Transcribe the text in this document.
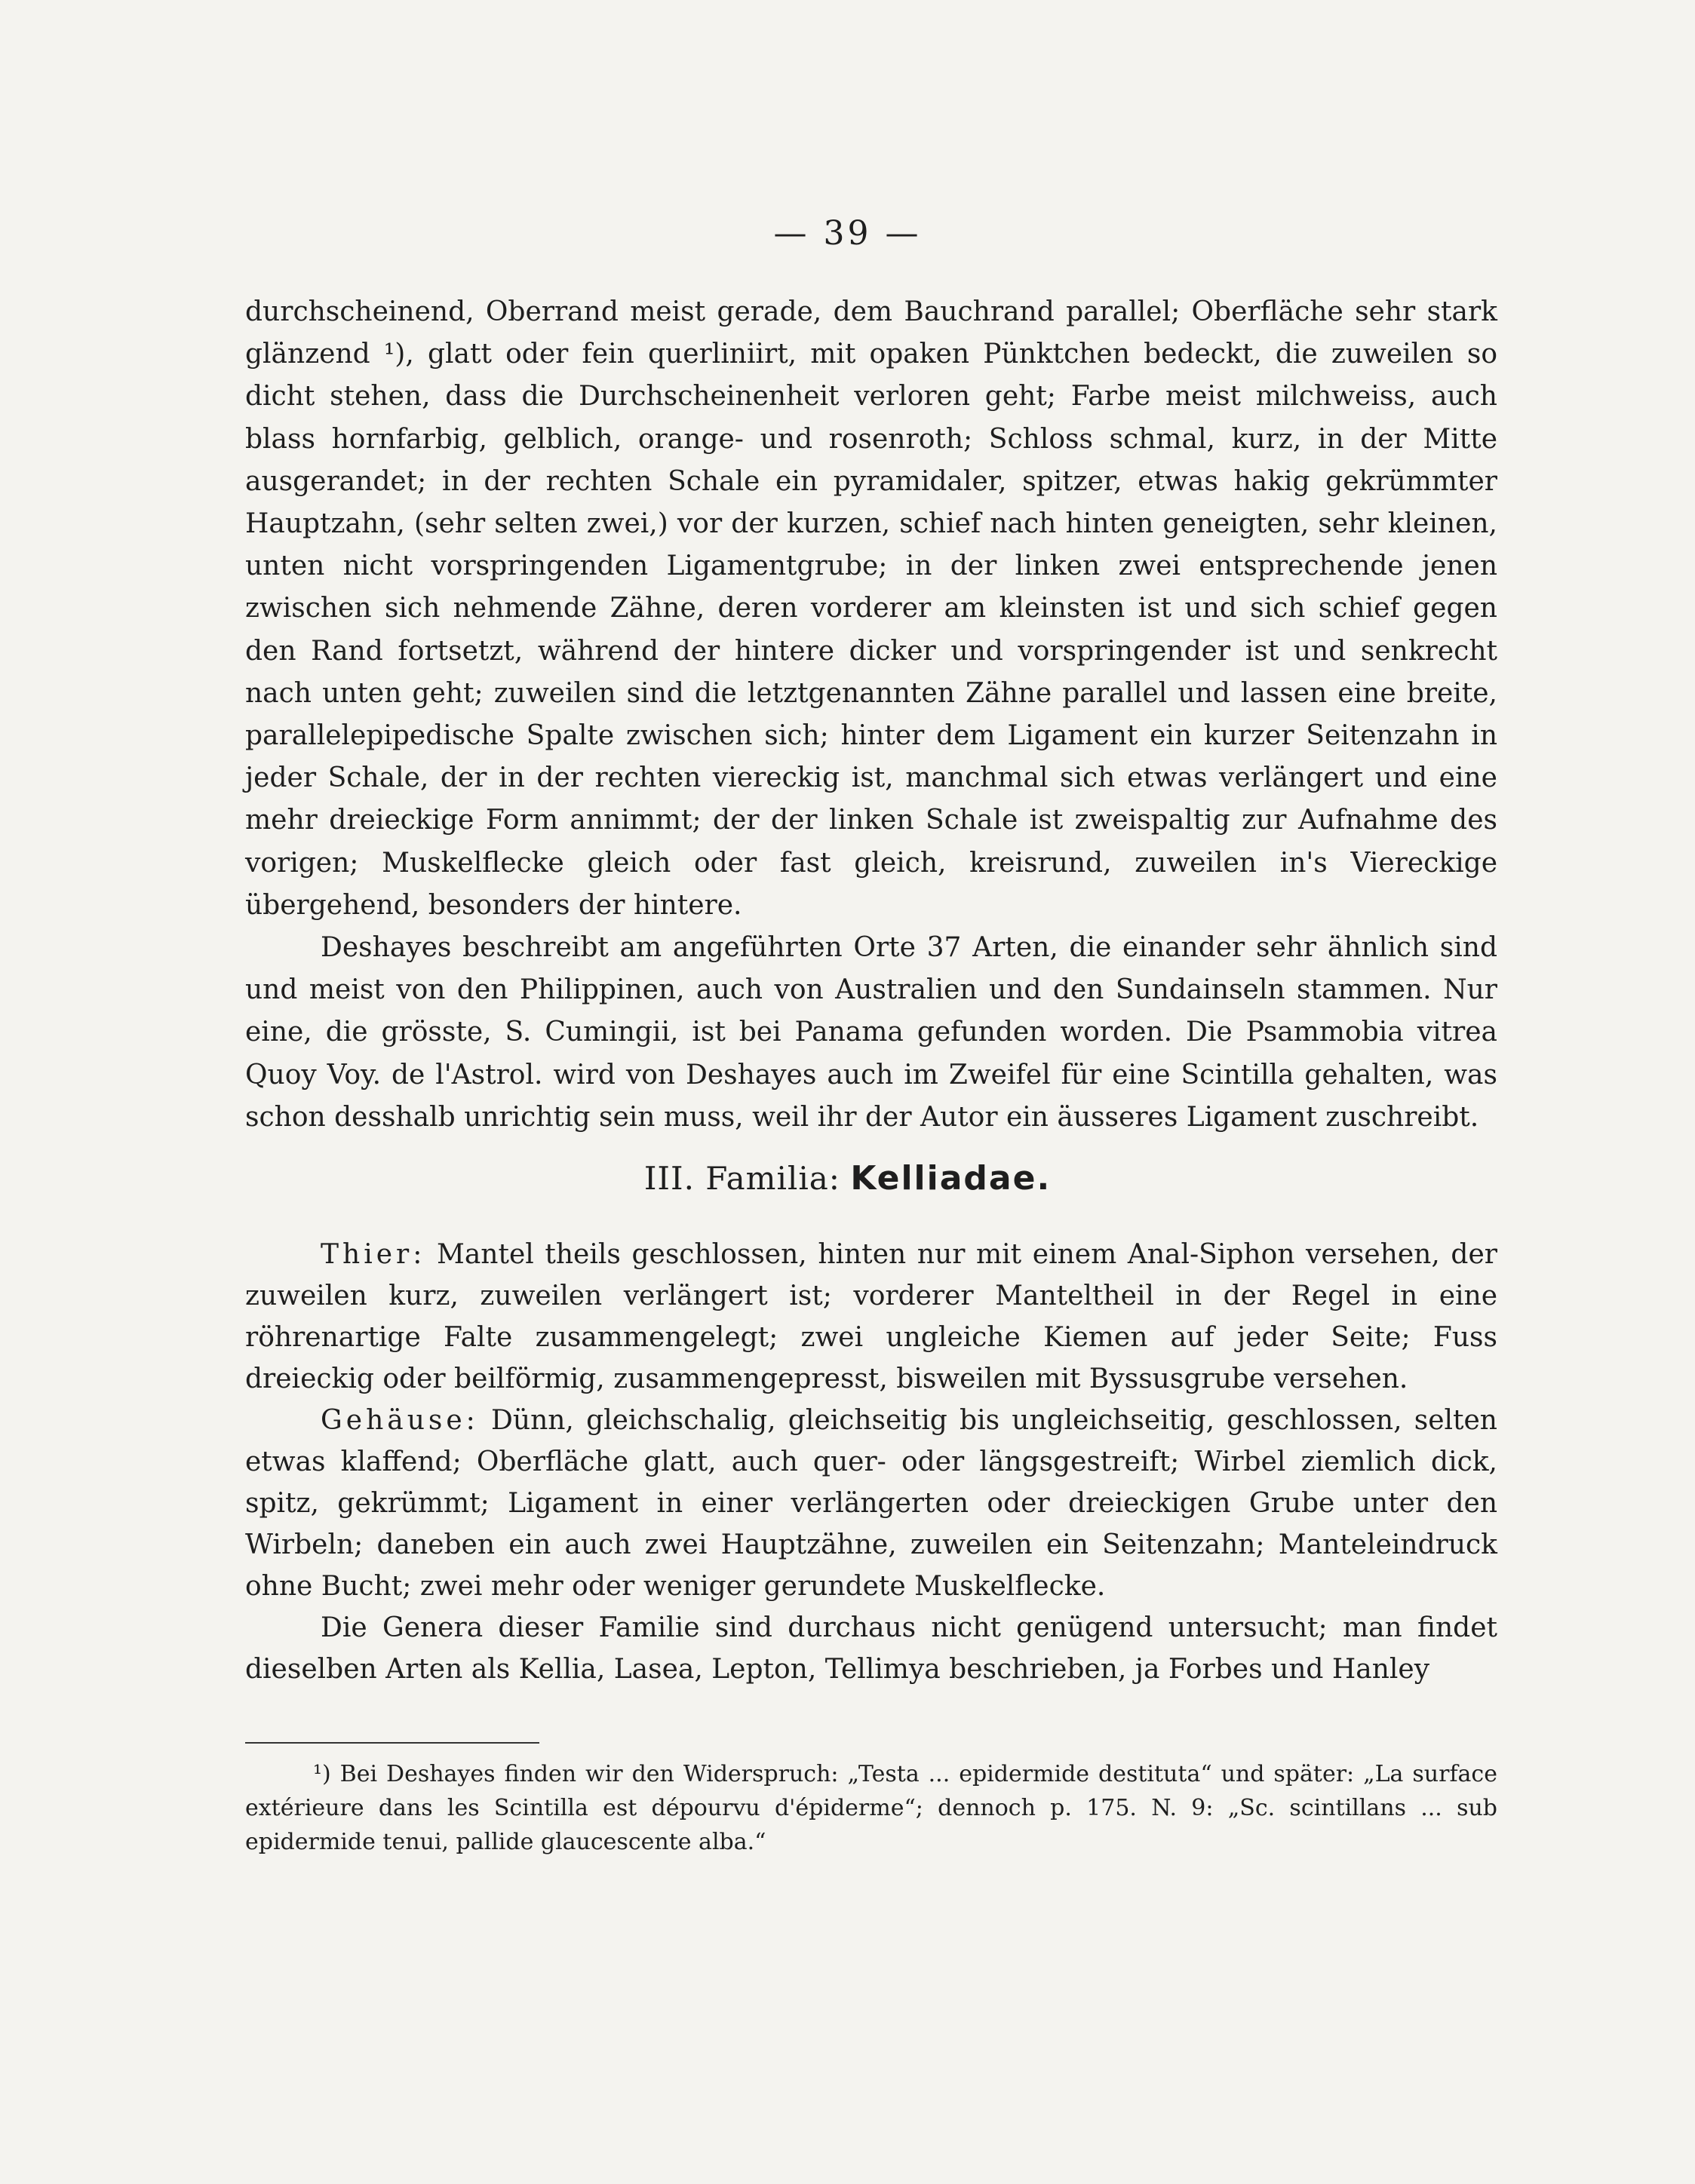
— 39 —

durchscheinend, Oberrand meist gerade, dem Bauchrand parallel; Oberfläche sehr stark glänzend ¹), glatt oder fein querliniirt, mit opaken Pünktchen bedeckt, die zuweilen so dicht stehen, dass die Durchscheinenheit verloren geht; Farbe meist milchweiss, auch blass hornfarbig, gelblich, orange- und rosenroth; Schloss schmal, kurz, in der Mitte ausgerandet; in der rechten Schale ein pyramidaler, spitzer, etwas hakig gekrümmter Hauptzahn, (sehr selten zwei,) vor der kurzen, schief nach hinten geneigten, sehr kleinen, unten nicht vorspringenden Ligamentgrube; in der linken zwei entsprechende jenen zwischen sich nehmende Zähne, deren vorderer am kleinsten ist und sich schief gegen den Rand fortsetzt, während der hintere dicker und vorspringender ist und senkrecht nach unten geht; zuweilen sind die letztgenannten Zähne parallel und lassen eine breite, parallelepipedische Spalte zwischen sich; hinter dem Ligament ein kurzer Seitenzahn in jeder Schale, der in der rechten viereckig ist, manchmal sich etwas verlängert und eine mehr dreieckige Form annimmt; der der linken Schale ist zweispaltig zur Aufnahme des vorigen; Muskelflecke gleich oder fast gleich, kreisrund, zuweilen in's Viereckige übergehend, besonders der hintere.

Deshayes beschreibt am angeführten Orte 37 Arten, die einander sehr ähnlich sind und meist von den Philippinen, auch von Australien und den Sundainseln stammen. Nur eine, die grösste, S. Cumingii, ist bei Panama gefunden worden. Die Psammobia vitrea Quoy Voy. de l'Astrol. wird von Deshayes auch im Zweifel für eine Scintilla gehalten, was schon desshalb unrichtig sein muss, weil ihr der Autor ein äusseres Ligament zuschreibt.

III. Familia: Kelliadae.

Thier: Mantel theils geschlossen, hinten nur mit einem Anal-Siphon versehen, der zuweilen kurz, zuweilen verlängert ist; vorderer Manteltheil in der Regel in eine röhrenartige Falte zusammengelegt; zwei ungleiche Kiemen auf jeder Seite; Fuss dreieckig oder beilförmig, zusammengepresst, bisweilen mit Byssusgrube versehen.

Gehäuse: Dünn, gleichschalig, gleichseitig bis ungleichseitig, geschlossen, selten etwas klaffend; Oberfläche glatt, auch quer- oder längsgestreift; Wirbel ziemlich dick, spitz, gekrümmt; Ligament in einer verlängerten oder dreieckigen Grube unter den Wirbeln; daneben ein auch zwei Hauptzähne, zuweilen ein Seitenzahn; Manteleindruck ohne Bucht; zwei mehr oder weniger gerundete Muskelflecke.

Die Genera dieser Familie sind durchaus nicht genügend untersucht; man findet dieselben Arten als Kellia, Lasea, Lepton, Tellimya beschrieben, ja Forbes und Hanley

¹) Bei Deshayes finden wir den Widerspruch: „Testa ... epidermide destituta“ und später: „La surface extérieure dans les Scintilla est dépourvu d'épiderme“; dennoch p. 175. N. 9: „Sc. scintillans ... sub epidermide tenui, pallide glaucescente alba.“
